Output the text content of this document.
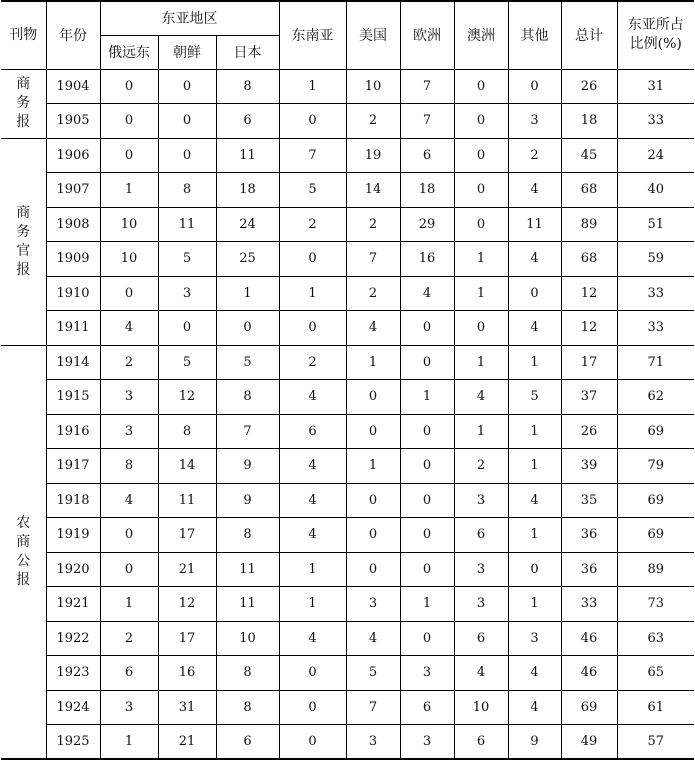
刊物	年份	东亚地区			东南亚	美国	欧洲	澳洲	其他	总计	东亚所占
比例(%)
		俄远东	朝鲜	日本							
商
务
报	1904	0	0	8	1	10	7	0	0	26	31
	1905	0	0	6	0	2	7	0	3	18	33
商
务
官
报	1906	0	0	11	7	19	6	0	2	45	24
	1907	1	8	18	5	14	18	0	4	68	40
	1908	10	11	24	2	2	29	0	11	89	51
	1909	10	5	25	0	7	16	1	4	68	59
	1910	0	3	1	1	2	4	1	0	12	33
	1911	4	0	0	0	4	0	0	4	12	33
农
商
公
报	1914	2	5	5	2	1	0	1	1	17	71
	1915	3	12	8	4	0	1	4	5	37	62
	1916	3	8	7	6	0	0	1	1	26	69
	1917	8	14	9	4	1	0	2	1	39	79
	1918	4	11	9	4	0	0	3	4	35	69
	1919	0	17	8	4	0	0	6	1	36	69
	1920	0	21	11	1	0	0	3	0	36	89
	1921	1	12	11	1	3	1	3	1	33	73
	1922	2	17	10	4	4	0	6	3	46	63
	1923	6	16	8	0	5	3	4	4	46	65
	1924	3	31	8	0	7	6	10	4	69	61
	1925	1	21	6	0	3	3	6	9	49	57
